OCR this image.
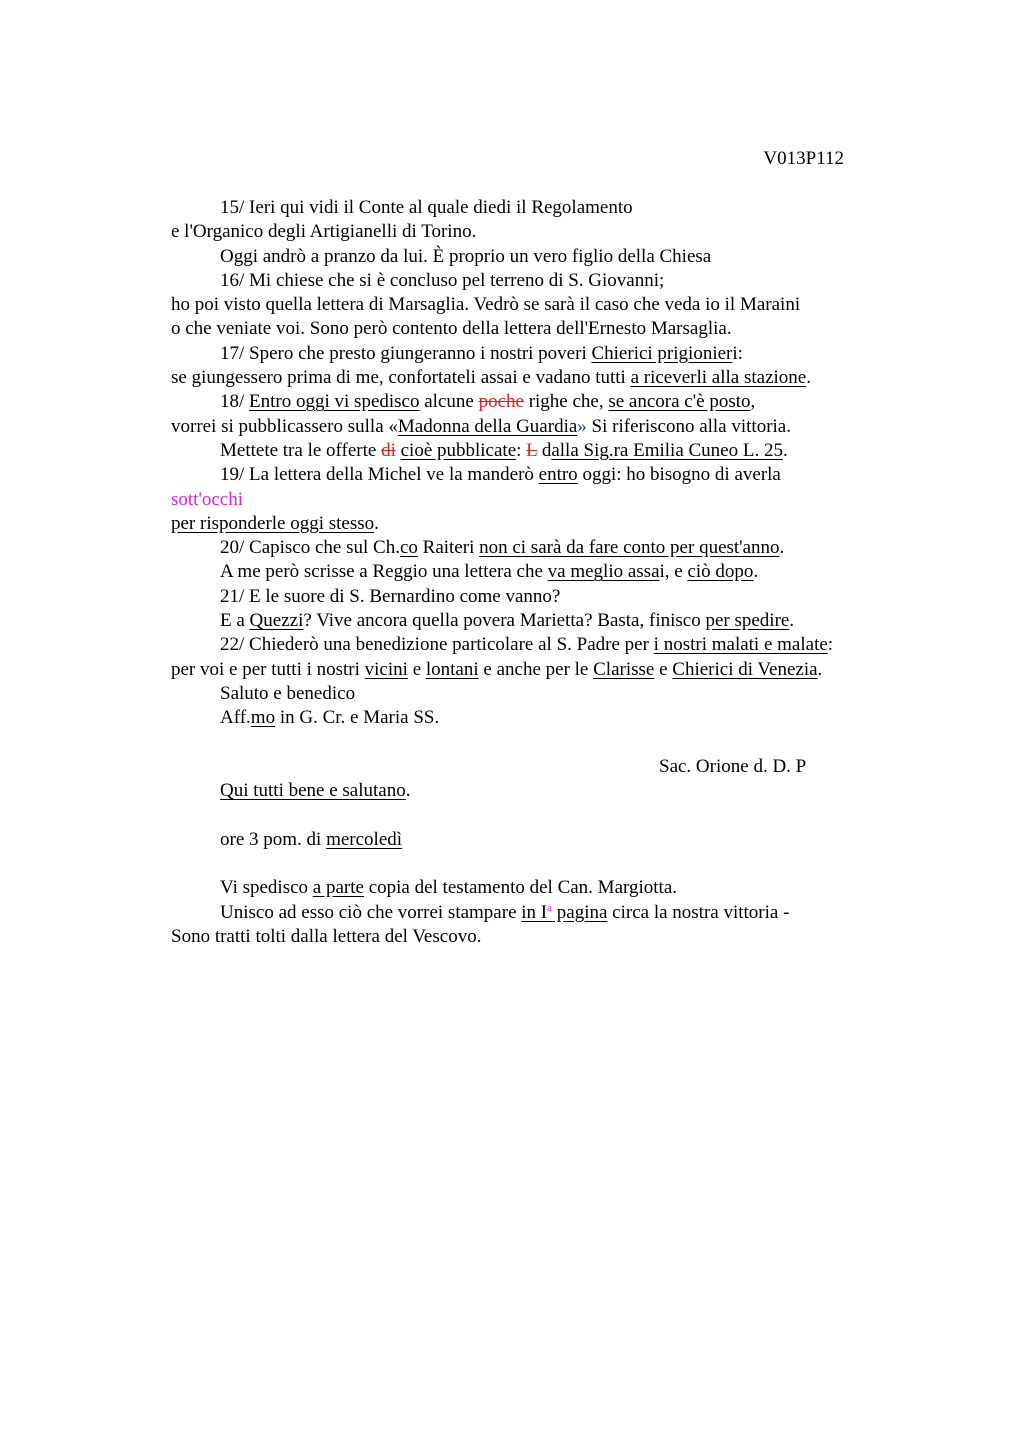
V013P112
15/ Ieri qui vidi il Conte al quale diedi il Regolamento
e l'Organico degli Artigianelli di Torino.
Oggi andrò a pranzo da lui. È proprio un vero figlio della Chiesa
16/ Mi chiese che si è concluso pel terreno di S. Giovanni;
ho poi visto quella lettera di Marsaglia. Vedrò se sarà il caso che veda io il Maraini
o che veniate voi. Sono però contento della lettera dell'Ernesto Marsaglia.
17/ Spero che presto giungeranno i nostri poveri Chierici prigionieri:
se giungessero prima di me, confortateli assai e vadano tutti a riceverli alla stazione.
18/ Entro oggi vi spedisco alcune poche righe che, se ancora c'è posto,
vorrei si pubblicassero sulla «Madonna della Guardia» Si riferiscono alla vittoria.
Mettete tra le offerte di cioè pubblicate: L dalla Sig.ra Emilia Cuneo L. 25.
19/ La lettera della Michel ve la manderò entro oggi: ho bisogno di averla
sott'occhi
per risponderle oggi stesso.
20/ Capisco che sul Ch.co Raiteri non ci sarà da fare conto per quest'anno.
A me però scrisse a Reggio una lettera che va meglio assai, e ciò dopo.
21/ E le suore di S. Bernardino come vanno?
E a Quezzi? Vive ancora quella povera Marietta? Basta, finisco per spedire.
22/ Chiederò una benedizione particolare al S. Padre per i nostri malati e malate:
per voi e per tutti i nostri vicini e lontani e anche per le Clarisse e Chierici di Venezia.
Saluto e benedico
Aff.mo in G. Cr. e Maria SS.
Sac. Orione d. D. P
Qui tutti bene e salutano.
ore 3 pom. di mercoledì
Vi spedisco a parte copia del testamento del Can. Margiotta.
Unisco ad esso ciò che vorrei stampare in $I^a$ pagina circa la nostra vittoria -
Sono tratti tolti dalla lettera del Vescovo.
